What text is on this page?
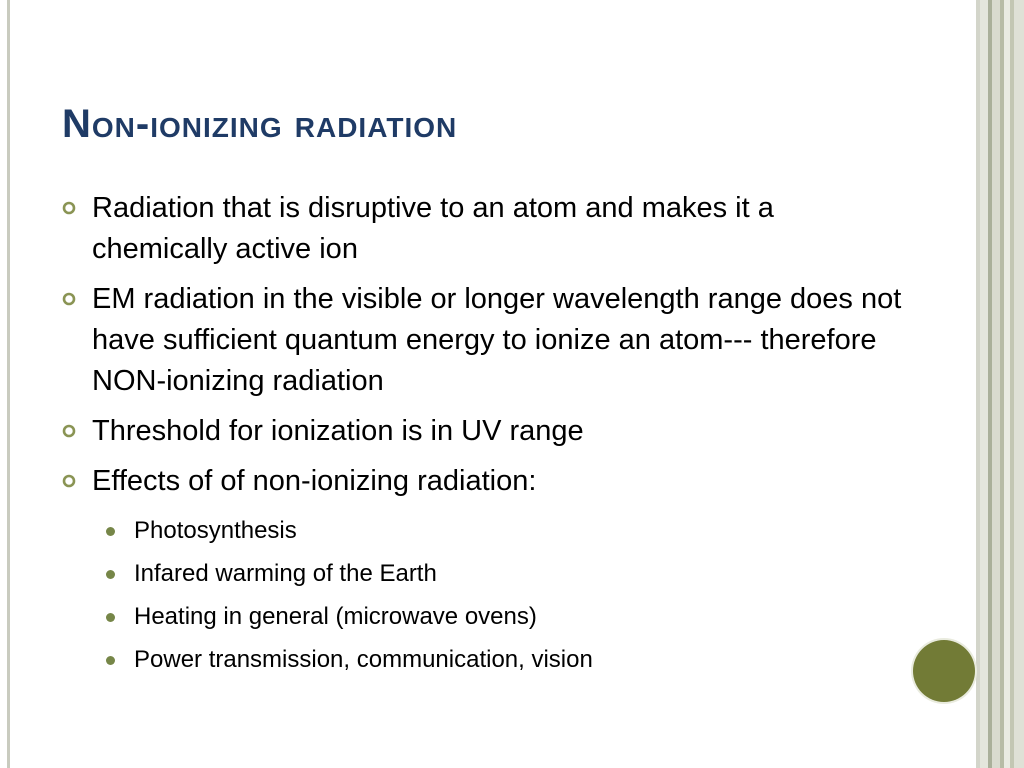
Non-ionizing radiation
Radiation that is disruptive to an atom and makes it a chemically active ion
EM radiation in the visible or longer wavelength range does not have sufficient quantum energy to ionize an atom--- therefore NON-ionizing radiation
Threshold for ionization is in UV range
Effects of of non-ionizing radiation:
Photosynthesis
Infared warming of the Earth
Heating in general (microwave ovens)
Power transmission, communication, vision
